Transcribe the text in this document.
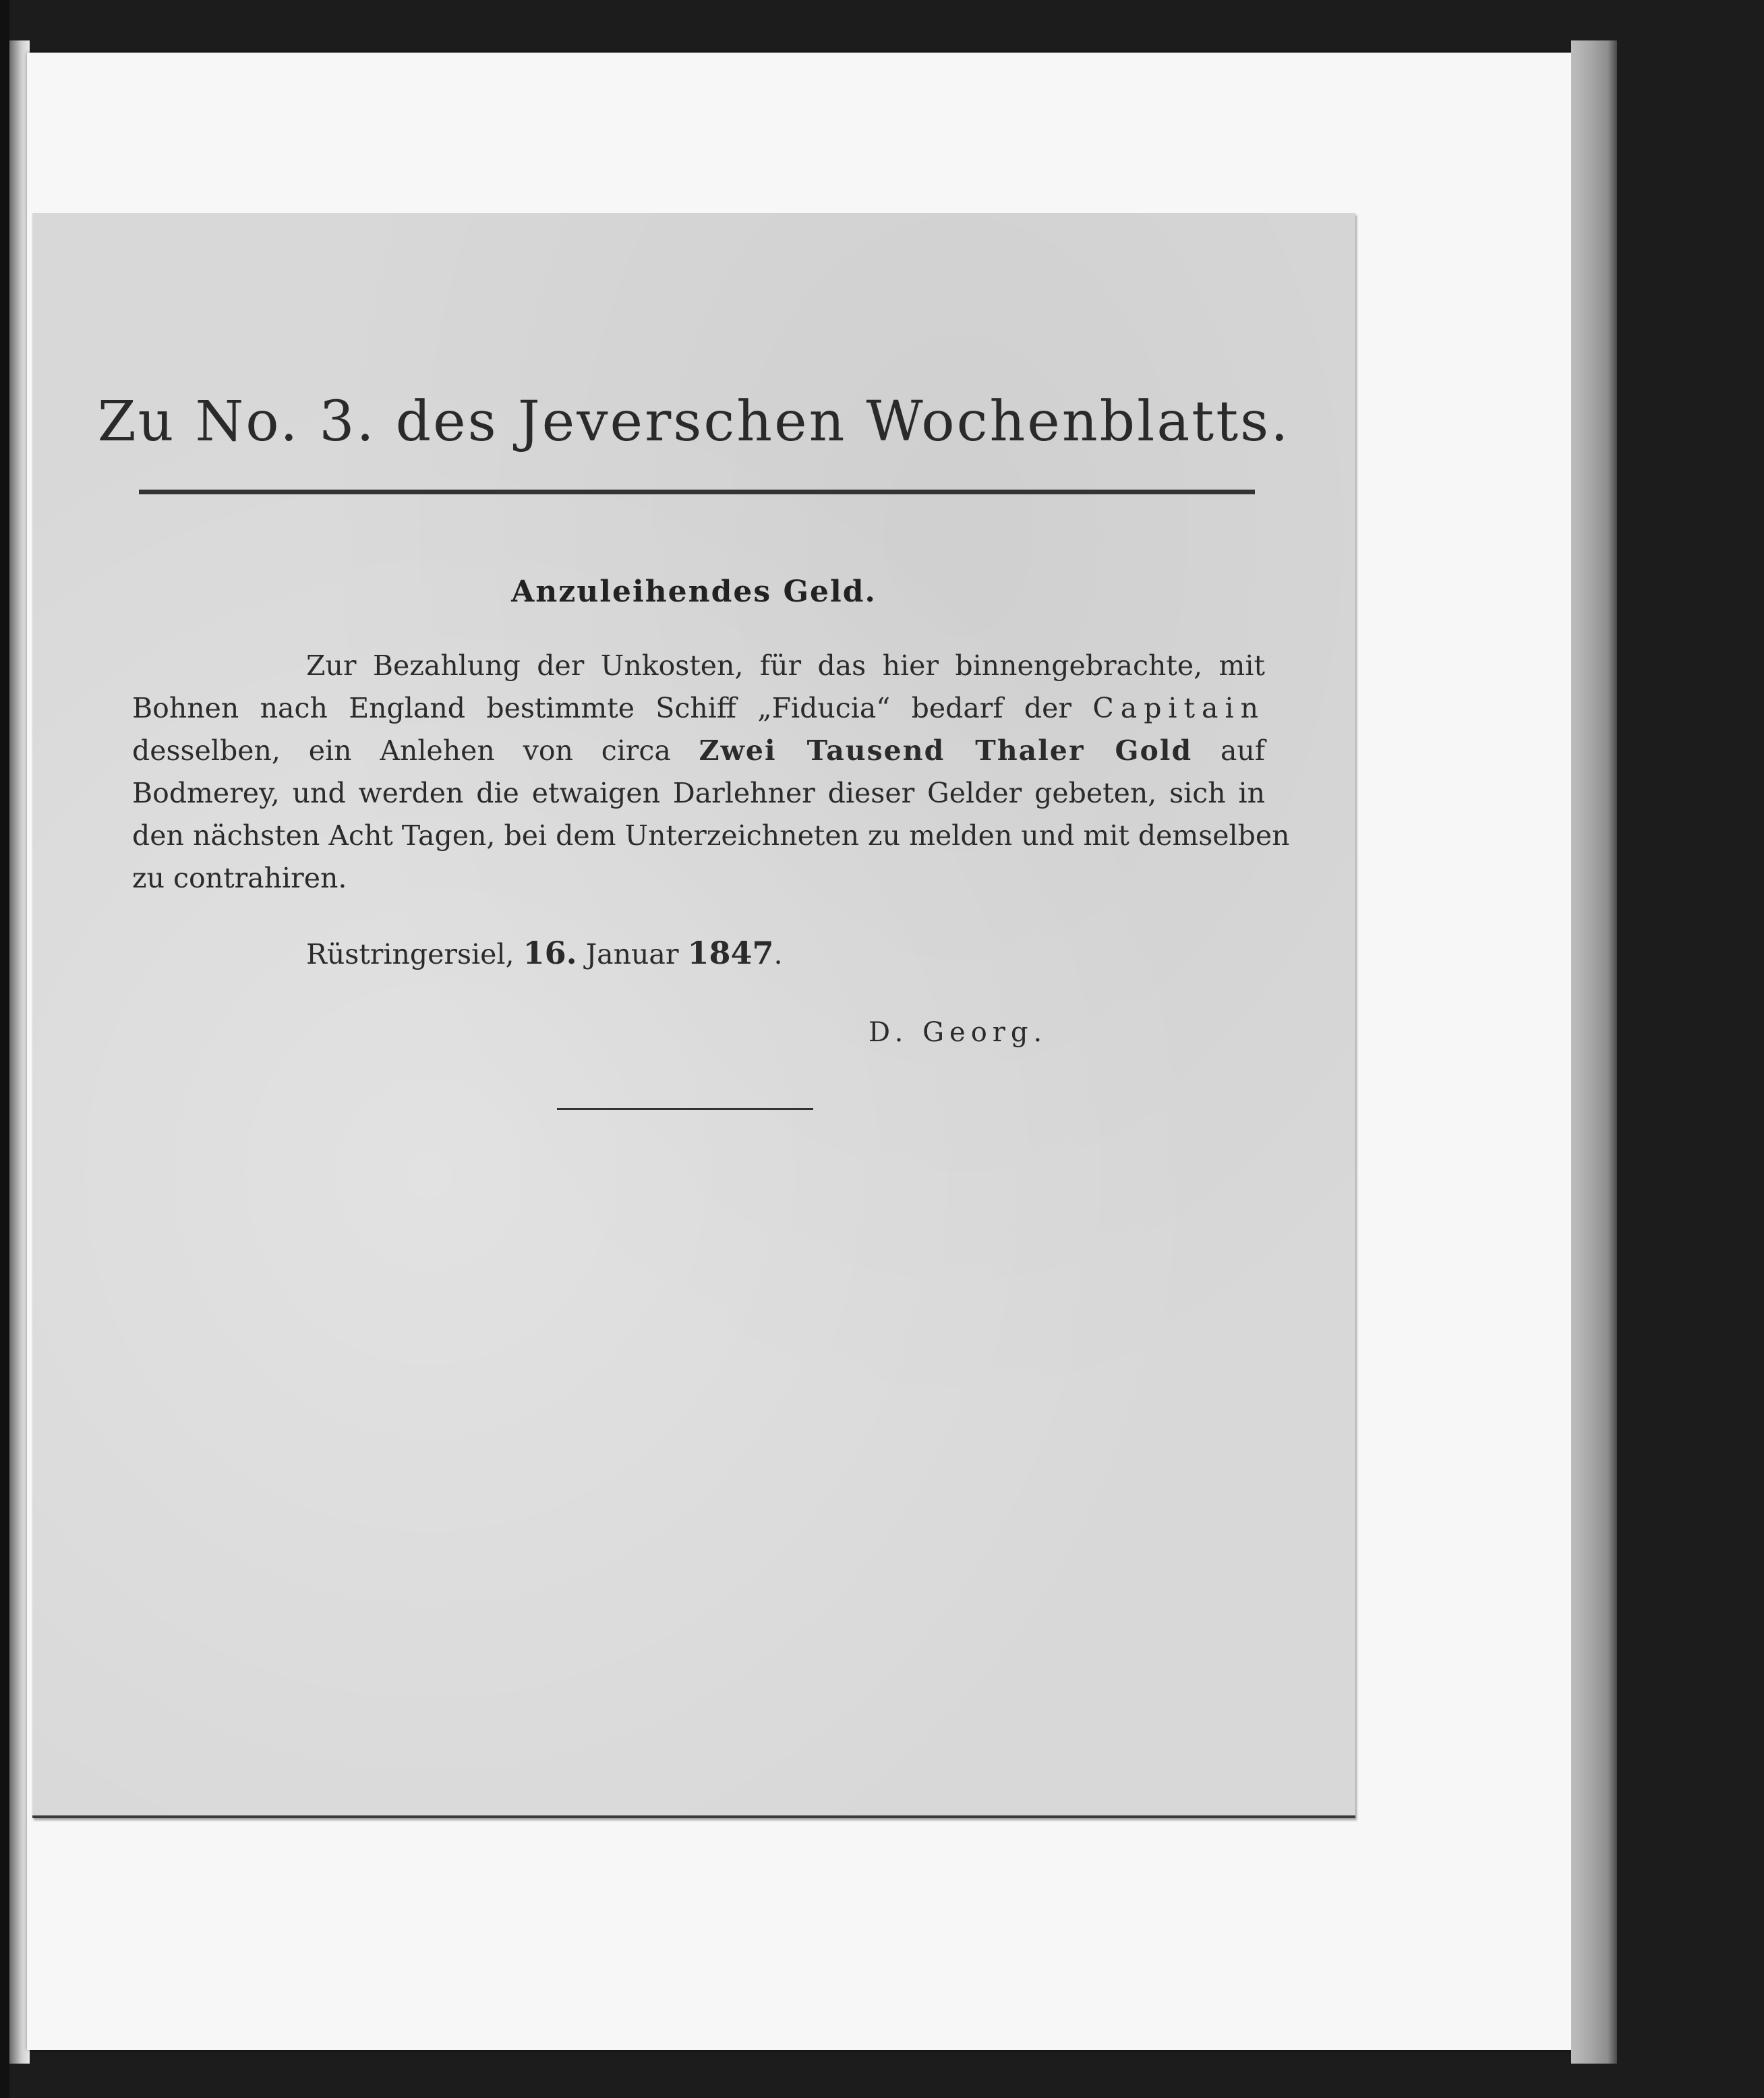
Zu No. 3. des Jeverschen Wochenblatts.
Anzuleihendes Geld.
Zur Bezahlung der Unkosten, für das hier binnengebrachte, mit
Bohnen nach England bestimmte Schiff „Fiducia“ bedarf der Capitain
desselben, ein Anlehen von circa Zwei Tausend Thaler Gold auf
Bodmerey, und werden die etwaigen Darlehner dieser Gelder gebeten, sich in
den nächsten Acht Tagen, bei dem Unterzeichneten zu melden und mit demselben
zu contrahiren.
Rüstringersiel, 16. Januar 1847.
D. Georg.
